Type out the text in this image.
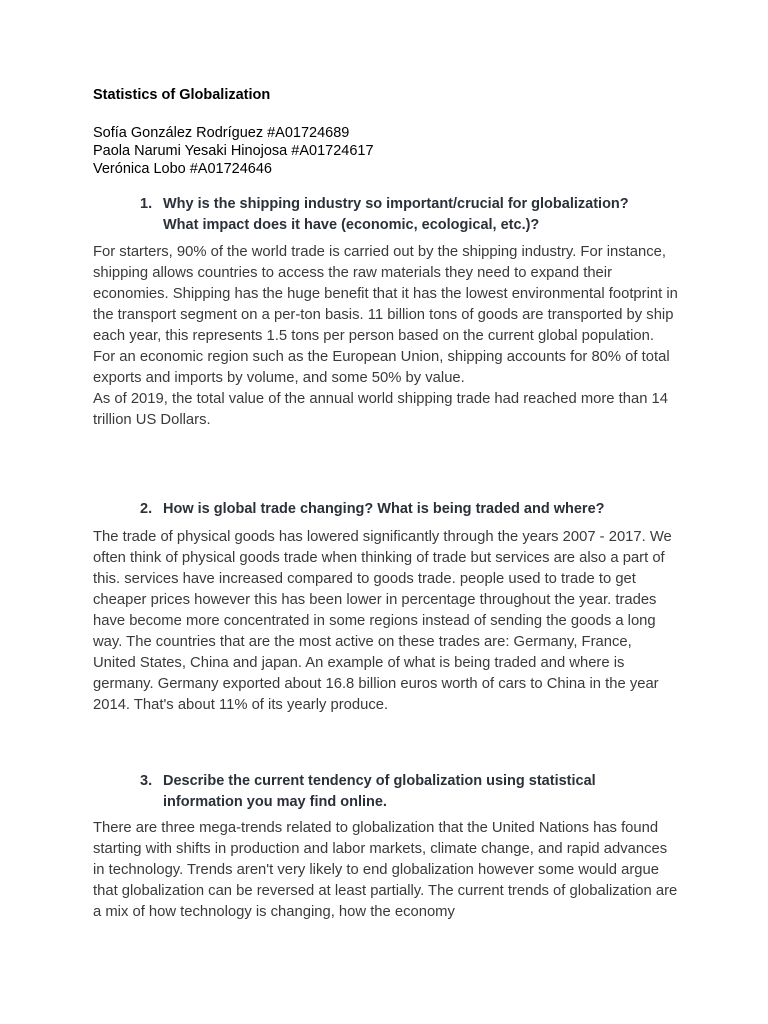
Statistics of Globalization
Sofía González Rodríguez #A01724689
Paola Narumi Yesaki Hinojosa #A01724617
Verónica Lobo #A01724646
1. Why is the shipping industry so important/crucial for globalization? What impact does it have (economic, ecological, etc.)?

For starters, 90% of the world trade is carried out by the shipping industry. For instance, shipping allows countries to access the raw materials they need to expand their economies. Shipping has the huge benefit that it has the lowest environmental footprint in the transport segment on a per-ton basis. 11 billion tons of goods are transported by ship each year, this represents 1.5 tons per person based on the current global population. For an economic region such as the European Union, shipping accounts for 80% of total exports and imports by volume, and some 50% by value.

As of 2019, the total value of the annual world shipping trade had reached more than 14 trillion US Dollars.

2. How is global trade changing? What is being traded and where?

The trade of physical goods has lowered significantly through the years 2007 - 2017. We often think of physical goods trade when thinking of trade but services are also a part of this. services have increased compared to goods trade. people used to trade to get cheaper prices however this has been lower in percentage throughout the year. trades have become more concentrated in some regions instead of sending the goods a long way. The countries that are the most active on these trades are: Germany, France, United States, China and japan. An example of what is being traded and where is germany. Germany exported about 16.8 billion euros worth of cars to China in the year 2014. That's about 11% of its yearly produce.

3. Describe the current tendency of globalization using statistical information you may find online.

There are three mega-trends related to globalization that the United Nations has found starting with shifts in production and labor markets, climate change, and rapid advances in technology. Trends aren't very likely to end globalization however some would argue that globalization can be reversed at least partially. The current trends of globalization are a mix of how technology is changing, how the economy
